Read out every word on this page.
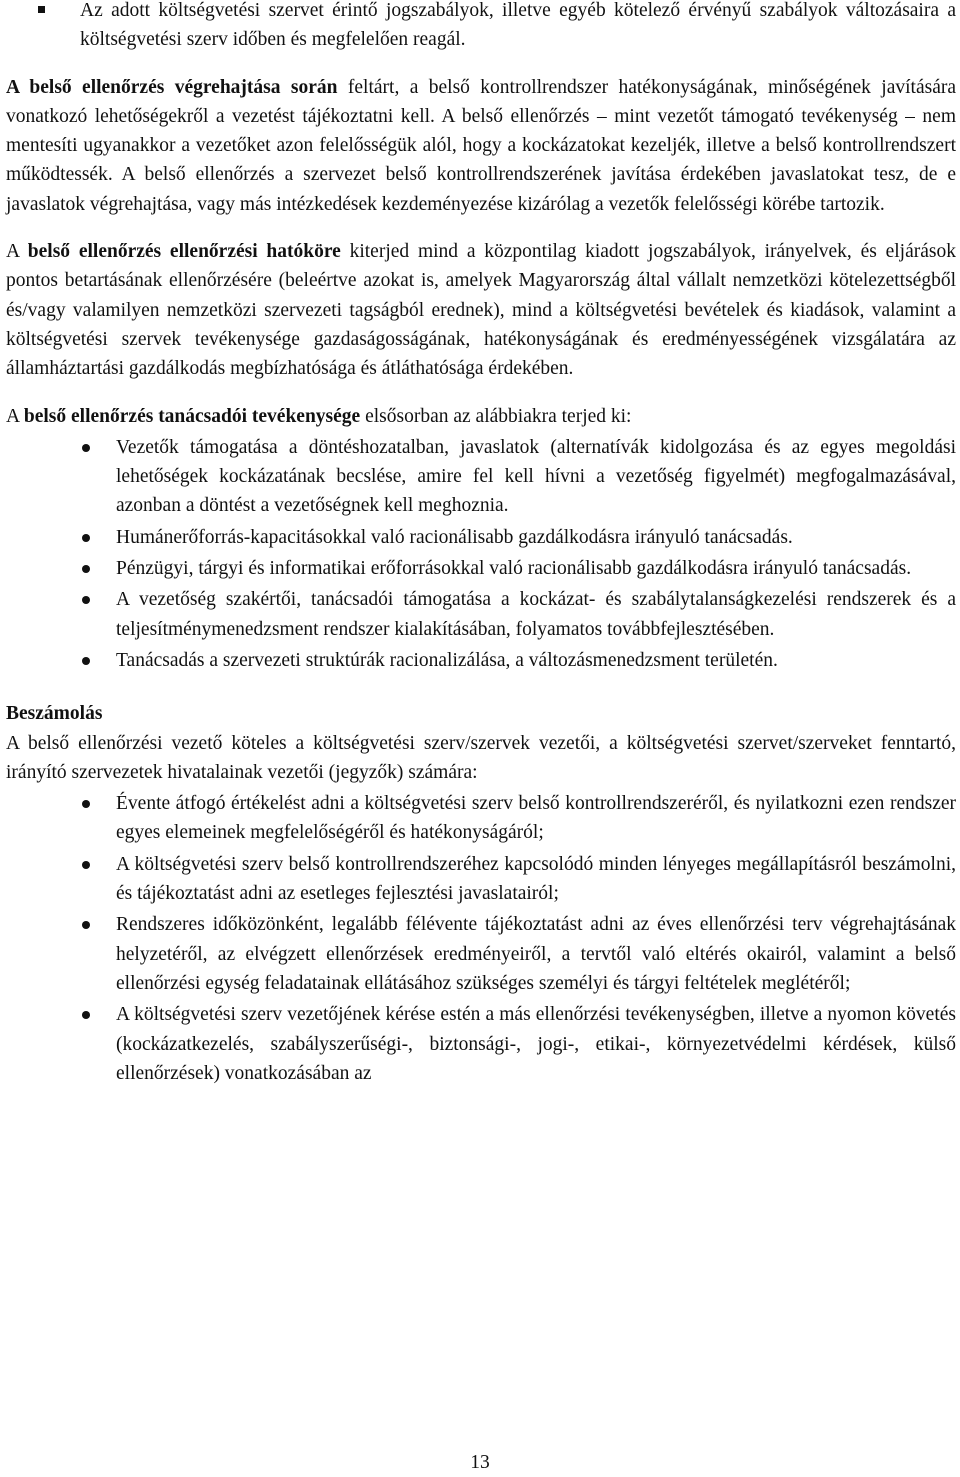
Az adott költségvetési szervet érintő jogszabályok, illetve egyéb kötelező érvényű szabályok változásaira a költségvetési szerv időben és megfelelően reagál.

A belső ellenőrzés végrehajtása során feltárt, a belső kontrollrendszer hatékonyságának, minőségének javítására vonatkozó lehetőségekről a vezetést tájékoztatni kell. A belső ellenőrzés – mint vezetőt támogató tevékenység – nem mentesíti ugyanakkor a vezetőket azon felelősségük alól, hogy a kockázatokat kezeljék, illetve a belső kontrollrendszert működtessék. A belső ellenőrzés a szervezet belső kontrollrendszerének javítása érdekében javaslatokat tesz, de e javaslatok végrehajtása, vagy más intézkedések kezdeményezése kizárólag a vezetők felelősségi körébe tartozik.

A belső ellenőrzés ellenőrzési hatóköre kiterjed mind a központilag kiadott jogszabályok, irányelvek, és eljárások pontos betartásának ellenőrzésére (beleértve azokat is, amelyek Magyarország által vállalt nemzetközi kötelezettségből és/vagy valamilyen nemzetközi szervezeti tagságból erednek), mind a költségvetési bevételek és kiadások, valamint a költségvetési szervek tevékenysége gazdaságosságának, hatékonyságának és eredményességének vizsgálatára az államháztartási gazdálkodás megbízhatósága és átláthatósága érdekében.

A belső ellenőrzés tanácsadói tevékenysége elsősorban az alábbiakra terjed ki:

Vezetők támogatása a döntéshozatalban, javaslatok (alternatívák kidolgozása és az egyes megoldási lehetőségek kockázatának becslése, amire fel kell hívni a vezetőség figyelmét) megfogalmazásával, azonban a döntést a vezetőségnek kell meghoznia.
Humánerőforrás-kapacitásokkal való racionálisabb gazdálkodásra irányuló tanácsadás.
Pénzügyi, tárgyi és informatikai erőforrásokkal való racionálisabb gazdálkodásra irányuló tanácsadás.
A vezetőség szakértői, tanácsadói támogatása a kockázat- és szabálytalanságkezelési rendszerek és a teljesítménymenedzsment rendszer kialakításában, folyamatos továbbfejlesztésében.
Tanácsadás a szervezeti struktúrák racionalizálása, a változásmenedzsment területén.

Beszámolás

A belső ellenőrzési vezető köteles a költségvetési szerv/szervek vezetői, a költségvetési szervet/szerveket fenntartó, irányító szervezetek hivatalainak vezetői (jegyzők) számára:

Évente átfogó értékelést adni a költségvetési szerv belső kontrollrendszeréről, és nyilatkozni ezen rendszer egyes elemeinek megfelelőségéről és hatékonyságáról;
A költségvetési szerv belső kontrollrendszeréhez kapcsolódó minden lényeges megállapításról beszámolni, és tájékoztatást adni az esetleges fejlesztési javaslatairól;
Rendszeres időközönként, legalább félévente tájékoztatást adni az éves ellenőrzési terv végrehajtásának helyzetéről, az elvégzett ellenőrzések eredményeiről, a tervtől való eltérés okairól, valamint a belső ellenőrzési egység feladatainak ellátásához szükséges személyi és tárgyi feltételek meglétéről;
A költségvetési szerv vezetőjének kérése estén a más ellenőrzési tevékenységben, illetve a nyomon követés (kockázatkezelés, szabályszerűségi-, biztonsági-, jogi-, etikai-, környezetvédelmi kérdések, külső ellenőrzések) vonatkozásában az
13
